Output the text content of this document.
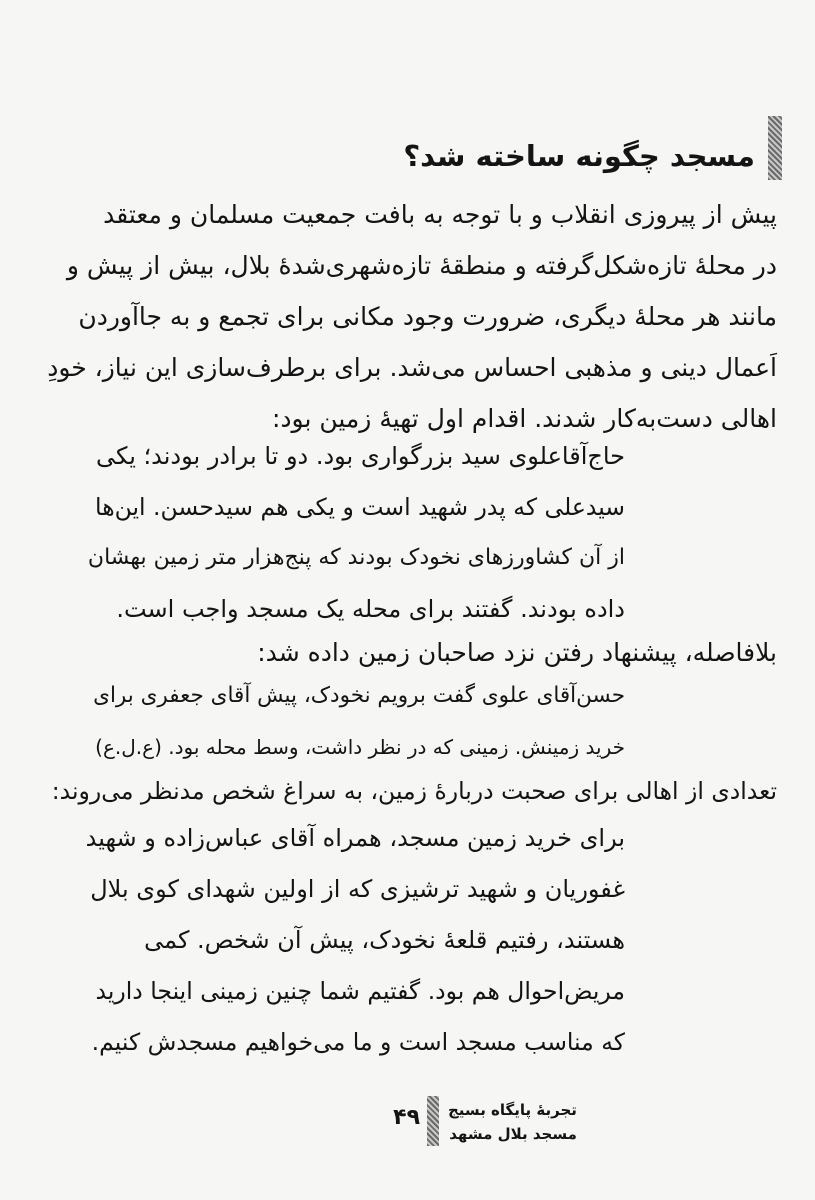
مسجد چگونه ساخته شد؟

پیش از پیروزی انقلاب و با توجه به بافت جمعیت مسلمان و معتقد

در محلهٔ تازه‌شکل‌گرفته و منطقهٔ تازه‌شهری‌شدهٔ بلال، بیش از پیش و

مانند هر محلهٔ دیگری، ضرورت وجود مکانی برای تجمع و به جاآوردن

اَعمال دینی و مذهبی احساس می‌شد. برای برطرف‌سازی این نیاز، خودِ

اهالی دست‌به‌کار شدند. اقدام اول تهیهٔ زمین بود:

حاج‌آقاعلوی سید بزرگواری بود. دو تا برادر بودند؛ یکی

سیدعلی که پدر شهید است و یکی هم سیدحسن. این‌ها

از آن کشاورزهای نخودک بودند که پنج‌هزار متر زمین بهشان

داده بودند. گفتند برای محله یک مسجد واجب است.

بلافاصله، پیشنهاد رفتن نزد صاحبان زمین داده شد:

حسن‌آقای علوی گفت برویم نخودک، پیش آقای جعفری برای

خرید زمینش. زمینی که در نظر داشت، وسط محله بود. (ع.ل.ع)

تعدادی از اهالی برای صحبت دربارهٔ زمین، به سراغ شخص مدنظر می‌روند:

برای خرید زمین مسجد، همراه آقای عباس‌زاده و شهید

غفوریان و شهید ترشیزی که از اولین شهدای کوی بلال

هستند، رفتیم قلعهٔ نخودک، پیش آن شخص. کمی

مریض‌احوال هم بود. گفتیم شما چنین زمینی اینجا دارید

که مناسب مسجد است و ما می‌خواهیم مسجدش کنیم.

۴۹ تجربهٔ پایگاه بسیج
مسجد بلال مشهد
